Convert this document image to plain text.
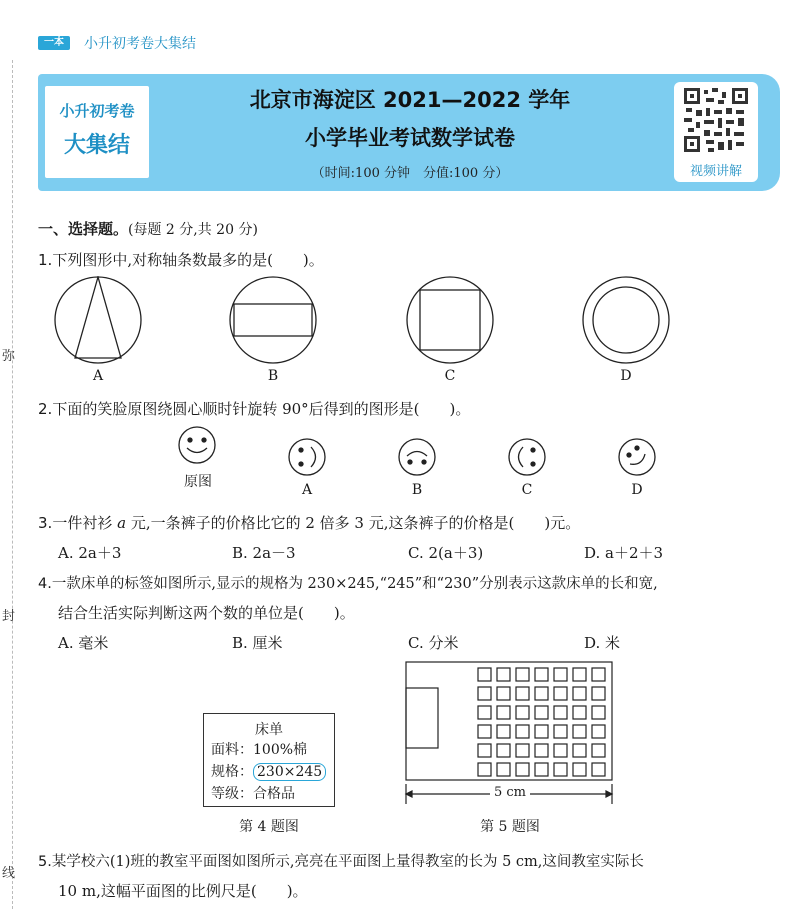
弥
封
线
一本	小升初考卷大集结
小升初考卷
大集结
北京市海淀区 2021—2022 学年
小学毕业考试数学试卷
（时间:100 分钟　分值:100 分）	视频讲解
一、选择题。(每题 2 分,共 20 分)
1.下列图形中,对称轴条数最多的是(　　)。
A	B	C	D
2.下面的笑脸原图绕圆心顺时针旋转 90°后得到的图形是(　　)。
原图	A	B	C	D
3.一件衬衫 a 元,一条裤子的价格比它的 2 倍多 3 元,这条裤子的价格是(　　)元。
A. 2a＋3	B. 2a－3	C. 2(a＋3)	D. a＋2＋3
4.一款床单的标签如图所示,显示的规格为 230×245,“245”和“230”分别表示这款床单的长和宽,
结合生活实际判断这两个数的单位是(　　)。
A. 毫米	B. 厘米	C. 分米	D. 米
床单
面料：100%棉
规格： 230×245
等级：合格品
第 4 题图
5 cm
第 5 题图
5.某学校六(1)班的教室平面图如图所示,亮亮在平面图上量得教室的长为 5 cm,这间教室实际长
10 m,这幅平面图的比例尺是(　　)。
